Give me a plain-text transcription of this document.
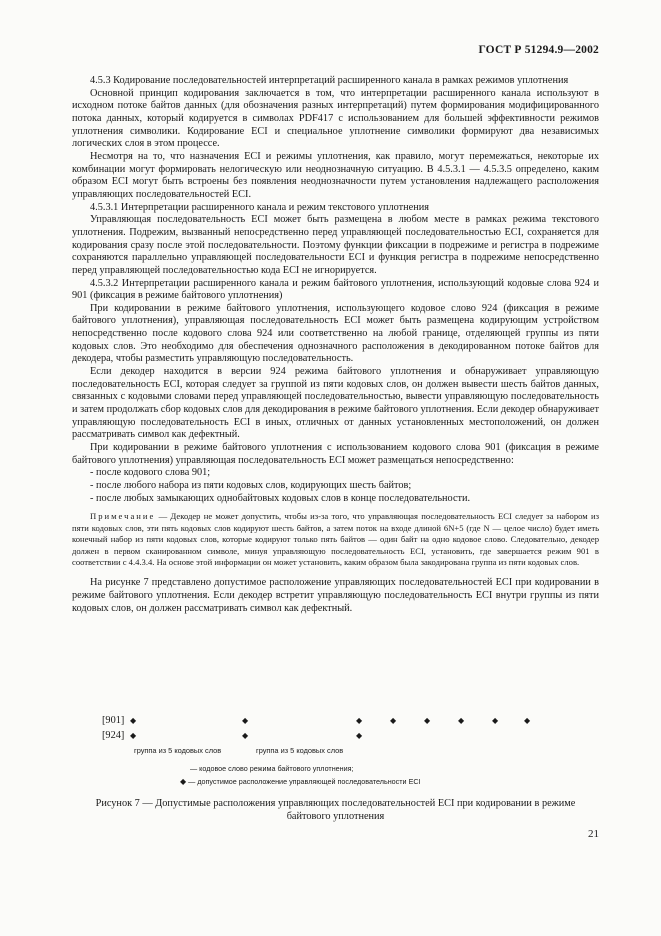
ГОСТ Р 51294.9—2002

4.5.3 Кодирование последовательностей интерпретаций расширенного канала в рамках режимов уплотнения

Основной принцип кодирования заключается в том, что интерпретации расширенного канала используют в исходном потоке байтов данных (для обозначения разных интерпретаций) путем формирования модифицированного потока данных, который кодируется в символах PDF417 с использованием для большей эффективности режимов уплотнения символики. Кодирование ECI и специальное уплотнение символики формируют два независимых логических слоя в этом процессе.

Несмотря на то, что назначения ECI и режимы уплотнения, как правило, могут перемежаться, некоторые их комбинации могут формировать нелогическую или неоднозначную ситуацию. В 4.5.3.1 — 4.5.3.5 определено, каким образом ECI могут быть встроены без появления неоднозначности путем установления надлежащего расположения управляющих последовательностей ECI.

4.5.3.1 Интерпретации расширенного канала и режим текстового уплотнения

Управляющая последовательность ECI может быть размещена в любом месте в рамках режима текстового уплотнения. Подрежим, вызванный непосредственно перед управляющей последовательностью ECI, сохраняется для кодирования сразу после этой последовательности. Поэтому функции фиксации в подрежиме и регистра в подрежиме сохраняются параллельно управляющей последовательности ECI и функция регистра в подрежиме непосредственно перед управляющей последовательностью кода ECI не игнорируется.

4.5.3.2 Интерпретации расширенного канала и режим байтового уплотнения, использующий кодовые слова 924 и 901 (фиксация в режиме байтового уплотнения)

При кодировании в режиме байтового уплотнения, использующего кодовое слово 924 (фиксация в режиме байтового уплотнения), управляющая последовательность ECI может быть размещена кодирующим устройством непосредственно после кодового слова 924 или соответственно на любой границе, отделяющей группы из пяти кодовых слов. Это необходимо для обеспечения однозначного расположения в декодированном потоке байтов для декодера, чтобы разместить управляющую последовательность.

Если декодер находится в версии 924 режима байтового уплотнения и обнаруживает управляющую последовательность ECI, которая следует за группой из пяти кодовых слов, он должен вывести шесть байтов данных, связанных с кодовыми словами перед управляющей последовательностью, вывести управляющую последовательность и затем продолжать сбор кодовых слов для декодирования в режиме байтового уплотнения. Если декодер обнаруживает управляющую последовательность ECI в иных, отличных от данных установленных местоположений, он должен рассматривать символ как дефектный.

При кодировании в режиме байтового уплотнения с использованием кодового слова 901 (фиксация в режиме байтового уплотнения) управляющая последовательность ECI может размещаться непосредственно:

- после кодового слова 901;

- после любого набора из пяти кодовых слов, кодирующих шесть байтов;

- после любых замыкающих однобайтовых кодовых слов в конце последовательности.

Примечание — Декодер не может допустить, чтобы из-за того, что управляющая последовательность ECI следует за набором из пяти кодовых слов, эти пять кодовых слов кодируют шесть байтов, а затем поток на входе длиной 6N+5 (где N — целое число) будет иметь конечный набор из пяти кодовых слов, которые кодируют только пять байтов — один байт на одно кодовое слово. Следовательно, декодер должен в первом сканированном символе, минуя управляющую последовательность ECI, установить, где завершается режим 901 в соответствии с 4.4.3.4. На основе этой информации он может установить, каким образом была закодирована группа из пяти кодовых слов.

На рисунке 7 представлено допустимое расположение управляющих последовательностей ECI при кодировании в режиме байтового уплотнения. Если декодер встретит управляющую последовательность ECI внутри группы из пяти кодовых слов, он должен рассматривать символ как дефектный.

[901] ◆	◆	◆	◆	◆	◆	◆	◆
[924] ◆	◆	◆
группа из 5 кодовых слов	группа из 5 кодовых слов
— кодовое слово режима байтового уплотнения;
◆ — допустимое расположение управляющей последовательности ECI
Рисунок 7 — Допустимые расположения управляющих последовательностей ECI при кодировании в режиме
байтового уплотнения
21
